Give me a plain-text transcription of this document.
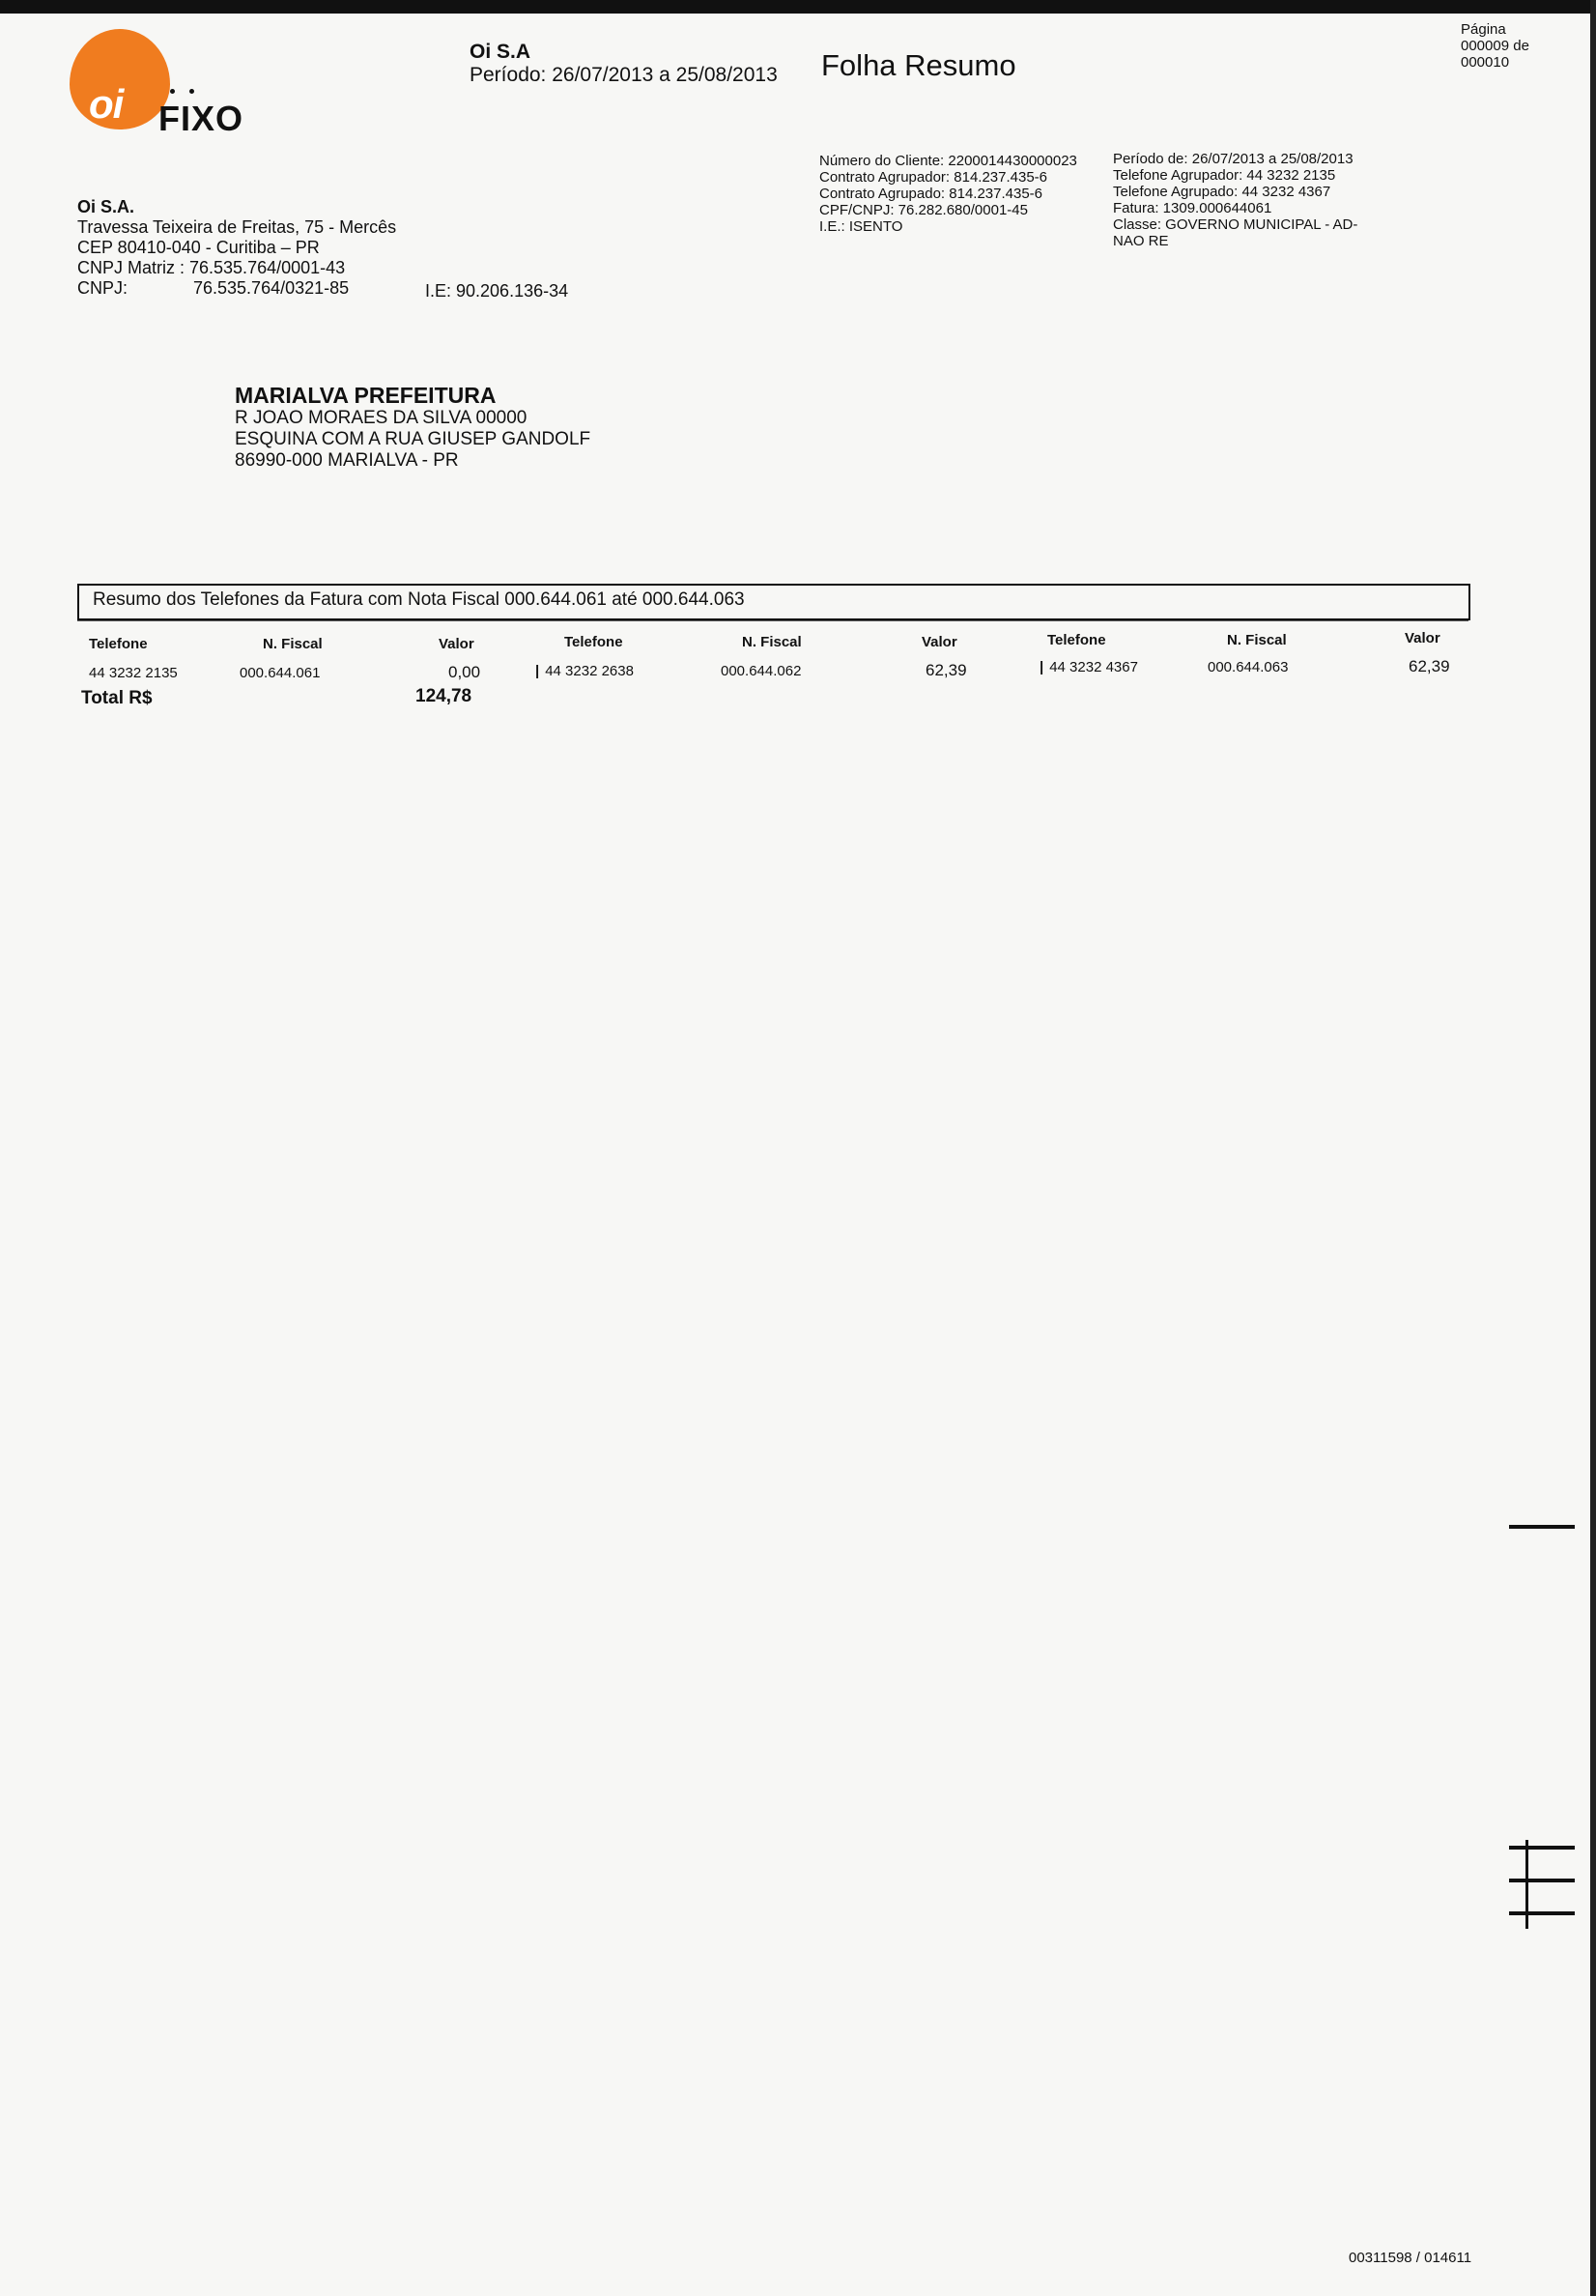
oi FIXO
Oi S.A
Período: 26/07/2013 a 25/08/2013 Folha Resumo
Página
000009 de
000010
Oi S.A.
Travessa Teixeira de Freitas, 75 - Mercês
CEP 80410-040 - Curitiba – PR
CNPJ Matriz : 76.535.764/0001-43
CNPJ:	76.535.764/0321-85	I.E: 90.206.136-34
Número do Cliente: 2200014430000023
Contrato Agrupador: 814.237.435-6
Contrato Agrupado: 814.237.435-6
CPF/CNPJ: 76.282.680/0001-45
I.E.: ISENTO
Período de: 26/07/2013 a 25/08/2013
Telefone Agrupador: 44 3232 2135
Telefone Agrupado: 44 3232 4367
Fatura: 1309.000644061
Classe: GOVERNO MUNICIPAL - AD-
NAO RE
MARIALVA PREFEITURA
R JOAO MORAES DA SILVA 00000
ESQUINA COM A RUA GIUSEP GANDOLF
86990-000 MARIALVA - PR
Resumo dos Telefones da Fatura com Nota Fiscal 000.644.061 até 000.644.063
Telefone	N. Fiscal	Valor
44 3232 2135	000.644.061	0,00
Telefone	N. Fiscal	Valor
| 44 3232 2638	000.644.062	62,39
Telefone	N. Fiscal	Valor
| 44 3232 4367	000.644.063	62,39
Total R$	124,78
00311598 / 014611
